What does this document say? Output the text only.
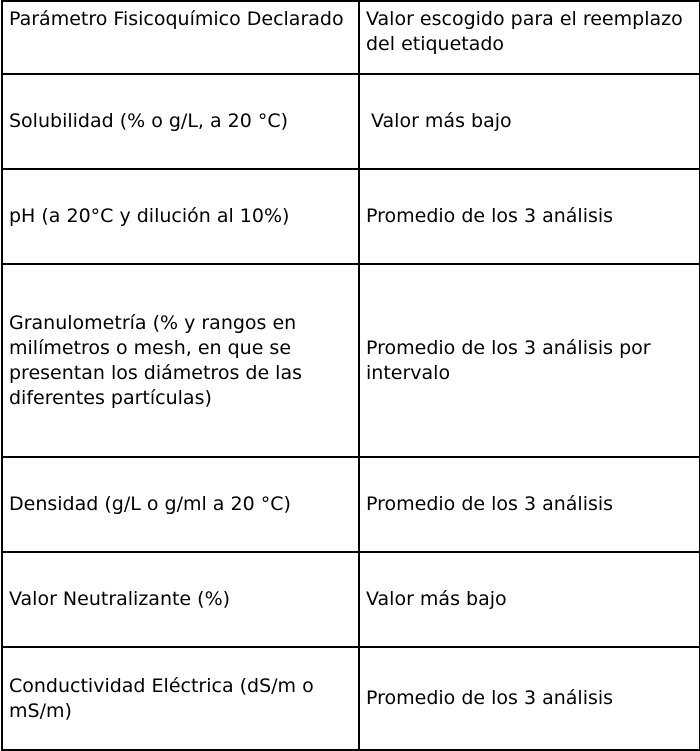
Parámetro Fisicoquímico Declarado	Valor escogido para el reemplazo del etiquetado
Solubilidad (% o g/L, a 20 °C)	Valor más bajo
pH (a 20°C y dilución al 10%)	Promedio de los 3 análisis
Granulometría (% y rangos en milímetros o mesh, en que se presentan los diámetros de las diferentes partículas)	Promedio de los 3 análisis por intervalo
Densidad (g/L o g/ml a 20 °C)	Promedio de los 3 análisis
Valor Neutralizante (%)	Valor más bajo
Conductividad Eléctrica (dS/m o mS/m)	Promedio de los 3 análisis
